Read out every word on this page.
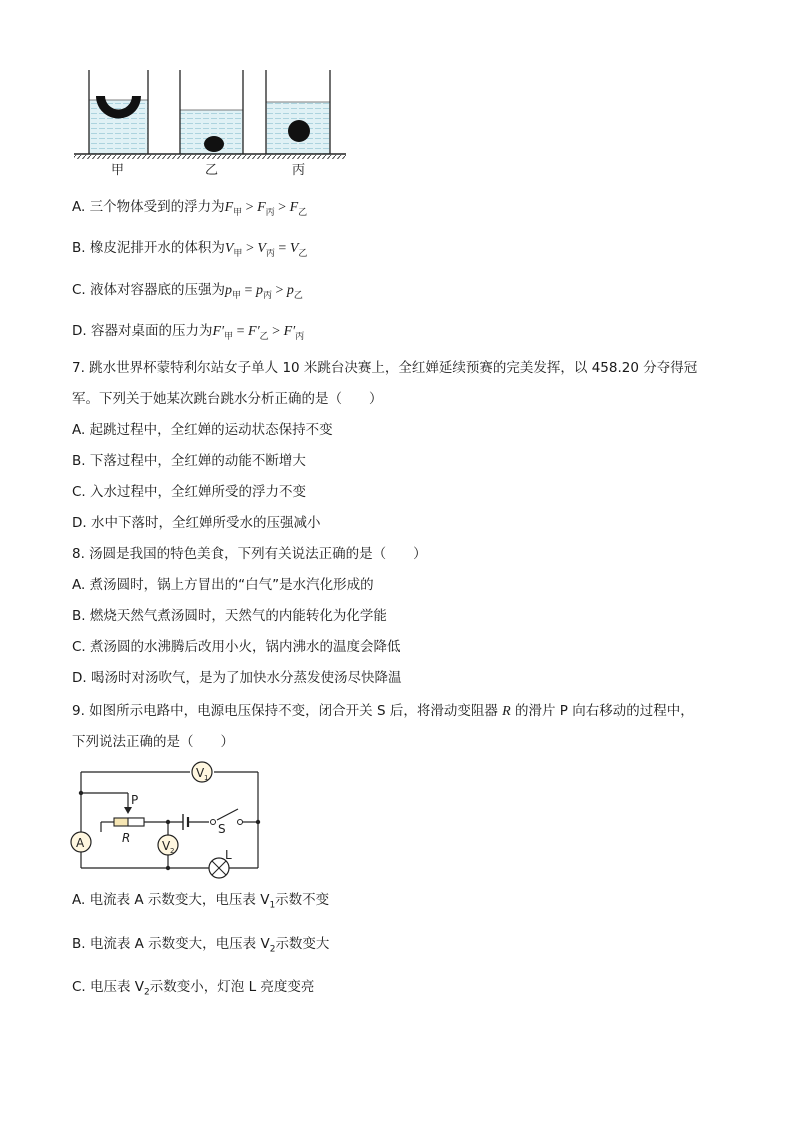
甲	乙	丙
A. 三个物体受到的浮力为$F_甲 > F_丙 > F_乙$
B. 橡皮泥排开水的体积为$V_甲 > V_丙 = V_乙$
C. 液体对容器底的压强为$p_甲 = p_丙 > p_乙$
D. 容器对桌面的压力为$F'_甲 = F'_乙 > F'_丙$
7. 跳水世界杯蒙特利尔站女子单人 10 米跳台决赛上，全红婵延续预赛的完美发挥，以 458.20 分夺得冠
军。下列关于她某次跳台跳水分析正确的是（　　）
A. 起跳过程中，全红婵的运动状态保持不变
B. 下落过程中，全红婵的动能不断增大
C. 入水过程中，全红婵所受的浮力不变
D. 水中下落时，全红婵所受水的压强减小
8. 汤圆是我国的特色美食，下列有关说法正确的是（　　）
A. 煮汤圆时，锅上方冒出的“白气”是水汽化形成的
B. 燃烧天然气煮汤圆时，天然气的内能转化为化学能
C. 煮汤圆的水沸腾后改用小火，锅内沸水的温度会降低
D. 喝汤时对汤吹气，是为了加快水分蒸发使汤尽快降温
9. 如图所示电路中，电源电压保持不变，闭合开关 S 后，将滑动变阻器 R 的滑片 P 向右移动的过程中，
下列说法正确的是（　　）
V 1
V 2
A
P
R
S
L
A. 电流表 A 示数变大，电压表 $V_1$示数不变
B. 电流表 A 示数变大，电压表 $V_2$示数变大
C. 电压表 $V_2$示数变小，灯泡 L 亮度变亮
